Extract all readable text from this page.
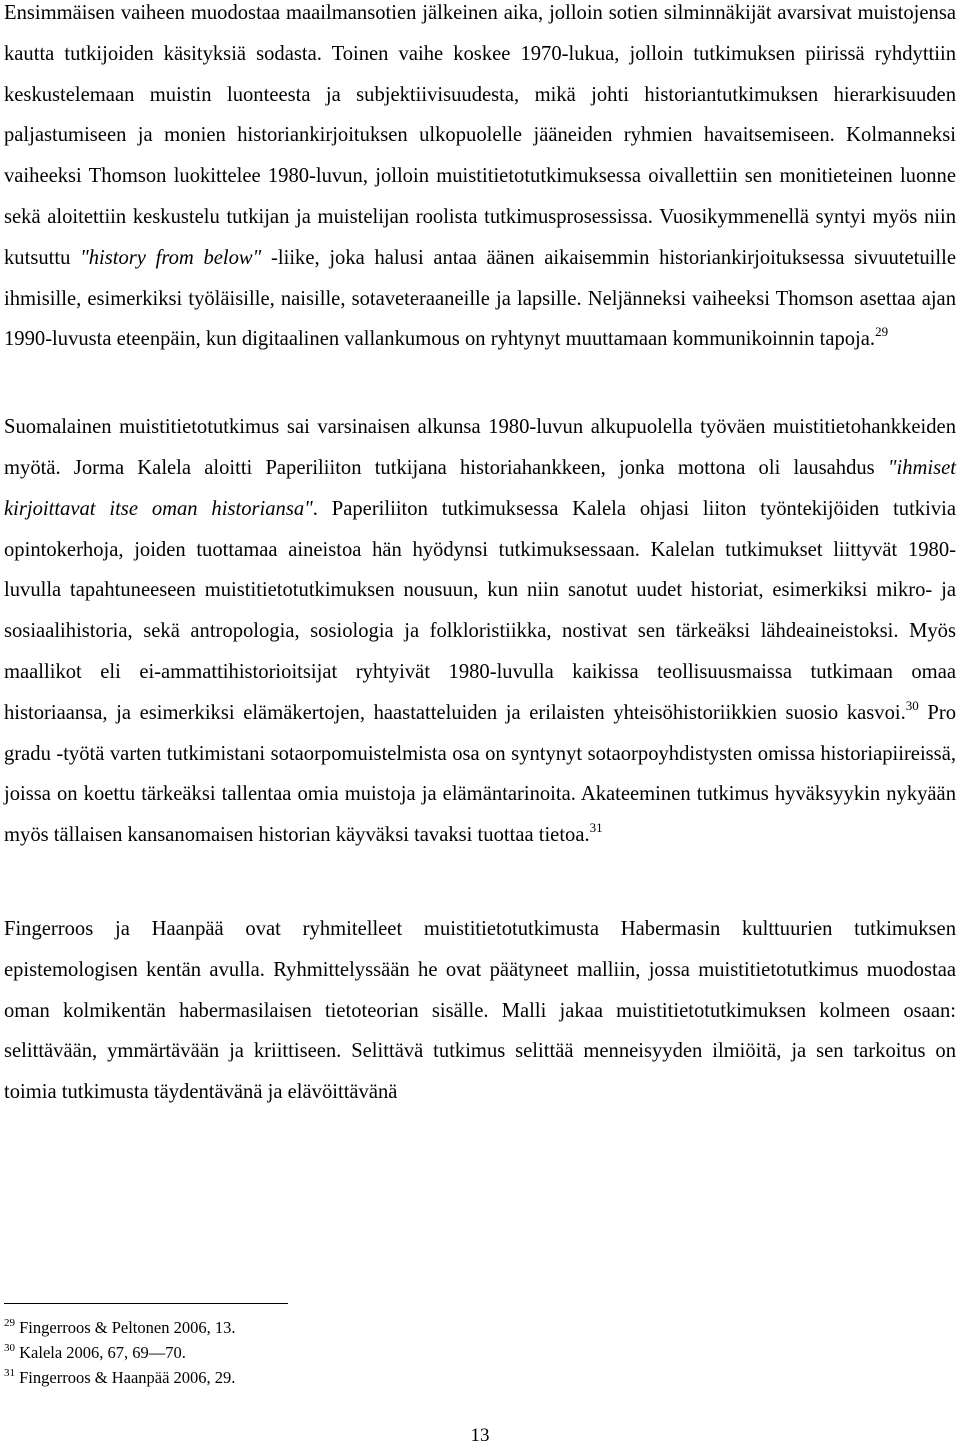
Ensimmäisen vaiheen muodostaa maailmansotien jälkeinen aika, jolloin sotien silminnäkijät avarsivat muistojensa kautta tutkijoiden käsityksiä sodasta. Toinen vaihe koskee 1970-lukua, jolloin tutkimuksen piirissä ryhdyttiin keskustelemaan muistin luonteesta ja subjektiivisuudesta, mikä johti historiantutkimuksen hierarkisuuden paljastumiseen ja monien historiankirjoituksen ulkopuolelle jääneiden ryhmien havaitsemiseen. Kolmanneksi vaiheeksi Thomson luokittelee 1980-luvun, jolloin muistitietotutkimuksessa oivallettiin sen monitieteinen luonne sekä aloitettiin keskustelu tutkijan ja muistelijan roolista tutkimusprosessissa. Vuosikymmenellä syntyi myös niin kutsuttu "history from below" -liike, joka halusi antaa äänen aikaisemmin historiankirjoituksessa sivuutetuille ihmisille, esimerkiksi työläisille, naisille, sotaveteraaneille ja lapsille. Neljänneksi vaiheeksi Thomson asettaa ajan 1990-luvusta eteenpäin, kun digitaalinen vallankumous on ryhtynyt muuttamaan kommunikoinnin tapoja.$^{29}$

Suomalainen muistitietotutkimus sai varsinaisen alkunsa 1980-luvun alkupuolella työväen muistitietohankkeiden myötä. Jorma Kalela aloitti Paperiliiton tutkijana historiahankkeen, jonka mottona oli lausahdus "ihmiset kirjoittavat itse oman historiansa". Paperiliiton tutkimuksessa Kalela ohjasi liiton työntekijöiden tutkivia opintokerhoja, joiden tuottamaa aineistoa hän hyödynsi tutkimuksessaan. Kalelan tutkimukset liittyvät 1980-luvulla tapahtuneeseen muistitietotutkimuksen nousuun, kun niin sanotut uudet historiat, esimerkiksi mikro- ja sosiaalihistoria, sekä antropologia, sosiologia ja folkloristiikka, nostivat sen tärkeäksi lähdeaineistoksi. Myös maallikot eli ei-ammattihistorioitsijat ryhtyivät 1980-luvulla kaikissa teollisuusmaissa tutkimaan omaa historiaansa, ja esimerkiksi elämäkertojen, haastatteluiden ja erilaisten yhteisöhistoriikkien suosio kasvoi.$^{30}$ Pro gradu -työtä varten tutkimistani sotaorpomuistelmista osa on syntynyt sotaorpoyhdistysten omissa historiapiireissä, joissa on koettu tärkeäksi tallentaa omia muistoja ja elämäntarinoita. Akateeminen tutkimus hyväksyykin nykyään myös tällaisen kansanomaisen historian käyväksi tavaksi tuottaa tietoa.$^{31}$

Fingerroos ja Haanpää ovat ryhmitelleet muistitietotutkimusta Habermasin kulttuurien tutkimuksen epistemologisen kentän avulla. Ryhmittelyssään he ovat päätyneet malliin, jossa muistitietotutkimus muodostaa oman kolmikentän habermasilaisen tietoteorian sisälle. Malli jakaa muistitietotutkimuksen kolmeen osaan: selittävään, ymmärtävään ja kriittiseen. Selittävä tutkimus selittää menneisyyden ilmiöitä, ja sen tarkoitus on toimia tutkimusta täydentävänä ja elävöittävänä

$^{29}$ Fingerroos & Peltonen 2006, 13.
$^{30}$ Kalela 2006, 67, 69—70.
$^{31}$ Fingerroos & Haanpää 2006, 29.
13
